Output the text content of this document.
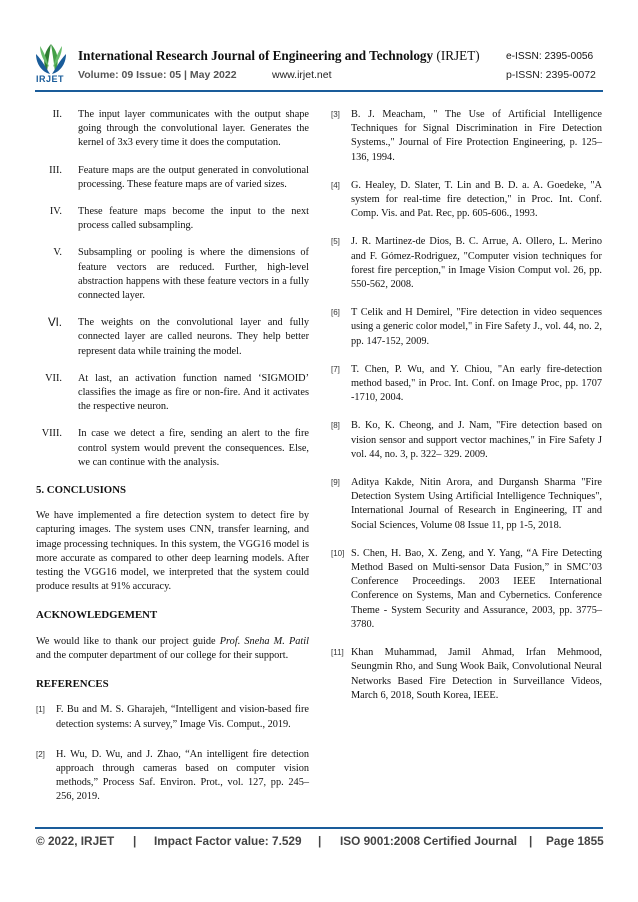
IRJET
International Research Journal of Engineering and Technology (IRJET)	e-ISSN: 2395-0056
Volume: 09 Issue: 05 | May 2022	www.irjet.net	p-ISSN: 2395-0072
II. The input layer communicates with the output shape going through the convolutional layer. Generates the kernel of 3x3 every time it does the computation.
III. Feature maps are the output generated in convolutional processing. These feature maps are of varied sizes.
IV. These feature maps become the input to the next process called subsampling.
V. Subsampling or pooling is where the dimensions of feature vectors are reduced. Further, high-level abstraction happens with these feature vectors in a fully connected layer.
VI. The weights on the convolutional layer and fully connected layer are called neurons. They help better represent data while training the model.
VII. At last, an activation function named ‘SIGMOID’ classifies the image as fire or non-fire. And it activates the respective neuron.
VIII. In case we detect a fire, sending an alert to the fire control system would prevent the consequences. Else, we can continue with the analysis.
5. CONCLUSIONS
We have implemented a fire detection system to detect fire by capturing images. The system uses CNN, transfer learning, and image processing techniques. In this system, the VGG16 model is more accurate as compared to other deep learning models. After testing the VGG16 model, we interpreted that the system could produce results at 91% accuracy.
ACKNOWLEDGEMENT
We would like to thank our project guide Prof. Sneha M. Patil and the computer department of our college for their support.
REFERENCES
[1] F. Bu and M. S. Gharajeh, “Intelligent and vision-based fire detection systems: A survey,” Image Vis. Comput., 2019.
[2] H. Wu, D. Wu, and J. Zhao, “An intelligent fire detection approach through cameras based on computer vision methods,” Process Saf. Environ. Prot., vol. 127, pp. 245–256, 2019.
[3] B. J. Meacham, " The Use of Artificial Intelligence Techniques for Signal Discrimination in Fire Detection Systems.," Journal of Fire Protection Engineering, p. 125–136, 1994.
[4] G. Healey, D. Slater, T. Lin and B. D. a. A. Goedeke, "A system for real-time fire detection," in Proc. Int. Conf. Comp. Vis. and Pat. Rec, pp. 605-606., 1993.
[5] J. R. Martinez-de Dios, B. C. Arrue, A. Ollero, L. Merino and F. Gómez-Rodriguez, "Computer vision techniques for forest fire perception," in Image Vision Comput vol. 26, pp. 550-562, 2008.
[6] T Celik and H Demirel, "Fire detection in video sequences using a generic color model," in Fire Safety J., vol. 44, no. 2, pp. 147-152, 2009.
[7] T. Chen, P. Wu, and Y. Chiou, "An early fire-detection method based," in Proc. Int. Conf. on Image Proc, pp. 1707 -1710, 2004.
[8] B. Ko, K. Cheong, and J. Nam, "Fire detection based on vision sensor and support vector machines," in Fire Safety J vol. 44, no. 3, p. 322– 329. 2009.
[9] Aditya Kakde, Nitin Arora, and Durgansh Sharma "Fire Detection System Using Artificial Intelligence Techniques", International Journal of Research in Engineering, IT and Social Sciences, Volume 08 Issue 11, pp 1-5, 2018.
[10] S. Chen, H. Bao, X. Zeng, and Y. Yang, “A Fire Detecting Method Based on Multi-sensor Data Fusion,” in SMC’03 Conference Proceedings. 2003 IEEE International Conference on Systems, Man and Cybernetics. Conference Theme - System Security and Assurance, 2003, pp. 3775–3780.
[11] Khan Muhammad, Jamil Ahmad, Irfan Mehmood, Seungmin Rho, and Sung Wook Baik, Convolutional Neural Networks Based Fire Detection in Surveillance Videos, March 6, 2018, South Korea, IEEE.
© 2022, IRJET | Impact Factor value: 7.529 | ISO 9001:2008 Certified Journal | Page 1855
